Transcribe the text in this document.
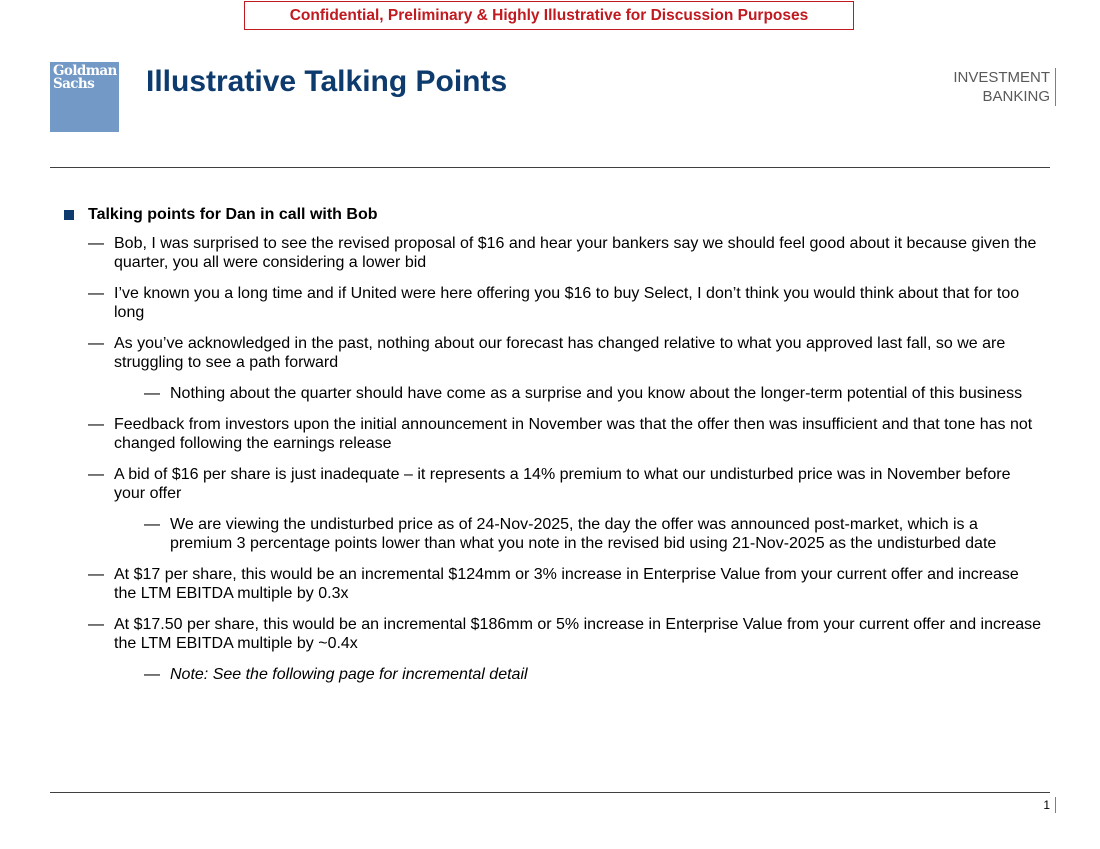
Confidential, Preliminary & Highly Illustrative for Discussion Purposes
Goldman
Sachs	Illustrative Talking Points	INVESTMENT
BANKING
Talking points for Dan in call with Bob
— Bob, I was surprised to see the revised proposal of $16 and hear your bankers say we should feel good about it because given the quarter, you all were considering a lower bid
— I’ve known you a long time and if United were here offering you $16 to buy Select, I don’t think you would think about that for too long
— As you’ve acknowledged in the past, nothing about our forecast has changed relative to what you approved last fall, so we are struggling to see a path forward
— Nothing about the quarter should have come as a surprise and you know about the longer-term potential of this business
— Feedback from investors upon the initial announcement in November was that the offer then was insufficient and that tone has not changed following the earnings release
— A bid of $16 per share is just inadequate – it represents a 14% premium to what our undisturbed price was in November before your offer
— We are viewing the undisturbed price as of 24-Nov-2025, the day the offer was announced post-market, which is a premium 3 percentage points lower than what you note in the revised bid using 21-Nov-2025 as the undisturbed date
— At $17 per share, this would be an incremental $124mm or 3% increase in Enterprise Value from your current offer and increase the LTM EBITDA multiple by 0.3x
— At $17.50 per share, this would be an incremental $186mm or 5% increase in Enterprise Value from your current offer and increase the LTM EBITDA multiple by ~0.4x
— Note: See the following page for incremental detail
1
